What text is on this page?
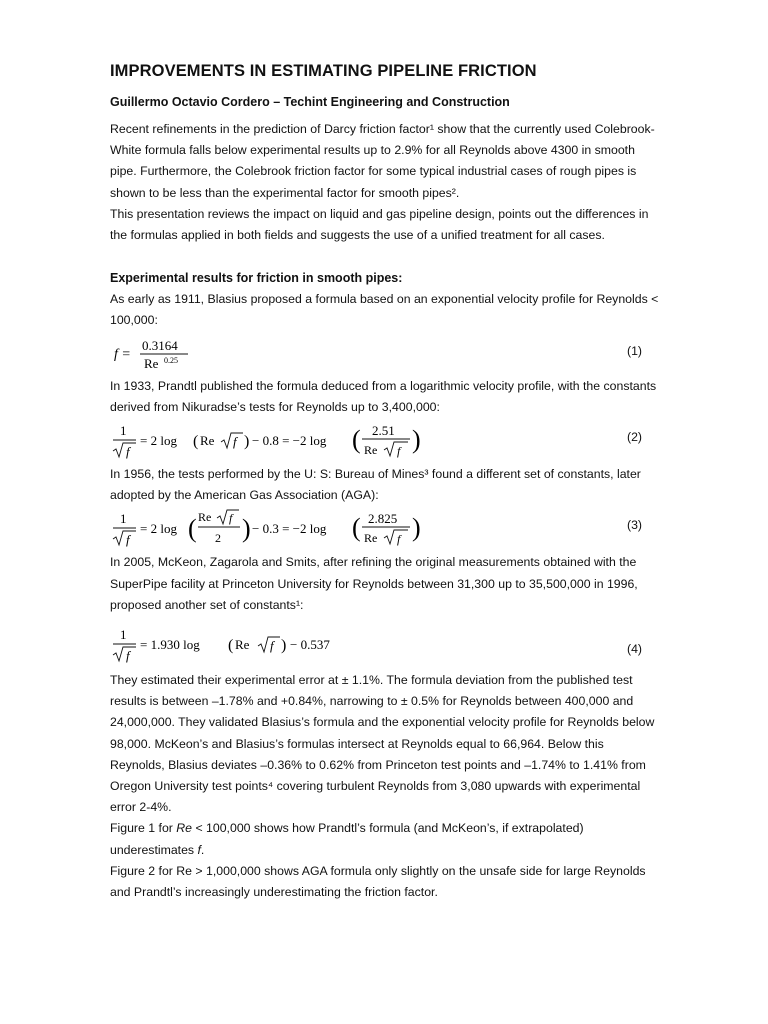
IMPROVEMENTS IN ESTIMATING PIPELINE FRICTION
Guillermo Octavio Cordero – Techint Engineering and Construction

Recent refinements in the prediction of Darcy friction factor¹ show that the currently used Colebrook-White formula falls below experimental results up to 2.9% for all Reynolds above 4300 in smooth pipe. Furthermore, the Colebrook friction factor for some typical industrial cases of rough pipes is shown to be less than the experimental factor for smooth pipes².

This presentation reviews the impact on liquid and gas pipeline design, points out the differences in the formulas applied in both fields and suggests the use of a unified treatment for all cases.

Experimental results for friction in smooth pipes:

As early as 1911, Blasius proposed a formula based on an exponential velocity profile for Reynolds < 100,000:

f =
0.3164
Re 0.25
(1)

In 1933, Prandtl published the formula deduced from a logarithmic velocity profile, with the constants derived from Nikuradse’s tests for Reynolds up to 3,400,000:

1
f
= 2 log ( Re f ) − 0.8 = −2 log ( 2.51
Re f )	(2)

In 1956, the tests performed by the U: S: Bureau of Mines³ found a different set of constants, later adopted by the American Gas Association (AGA):

1
f
= 2 log ( Re f
2 ) − 0.3 = −2 log ( 2.825
Re f )	(3)

In 2005, McKeon, Zagarola and Smits, after refining the original measurements obtained with the SuperPipe facility at Princeton University for Reynolds between 31,300 up to 35,500,000 in 1996, proposed another set of constants¹:

1
f
= 1.930 log ( Re f ) − 0.537	(4)

They estimated their experimental error at ± 1.1%. The formula deviation from the published test results is between –1.78% and +0.84%, narrowing to ± 0.5% for Reynolds between 400,000 and 24,000,000. They validated Blasius’s formula and the exponential velocity profile for Reynolds below 98,000. McKeon’s and Blasius’s formulas intersect at Reynolds equal to 66,964. Below this Reynolds, Blasius deviates –0.36% to 0.62% from Princeton test points and –1.74% to 1.41% from Oregon University test points⁴ covering turbulent Reynolds from 3,080 upwards with experimental error 2-4%.

Figure 1 for Re < 100,000 shows how Prandtl’s formula (and McKeon’s, if extrapolated) underestimates f.

Figure 2 for Re > 1,000,000 shows AGA formula only slightly on the unsafe side for large Reynolds and Prandtl’s increasingly underestimating the friction factor.
